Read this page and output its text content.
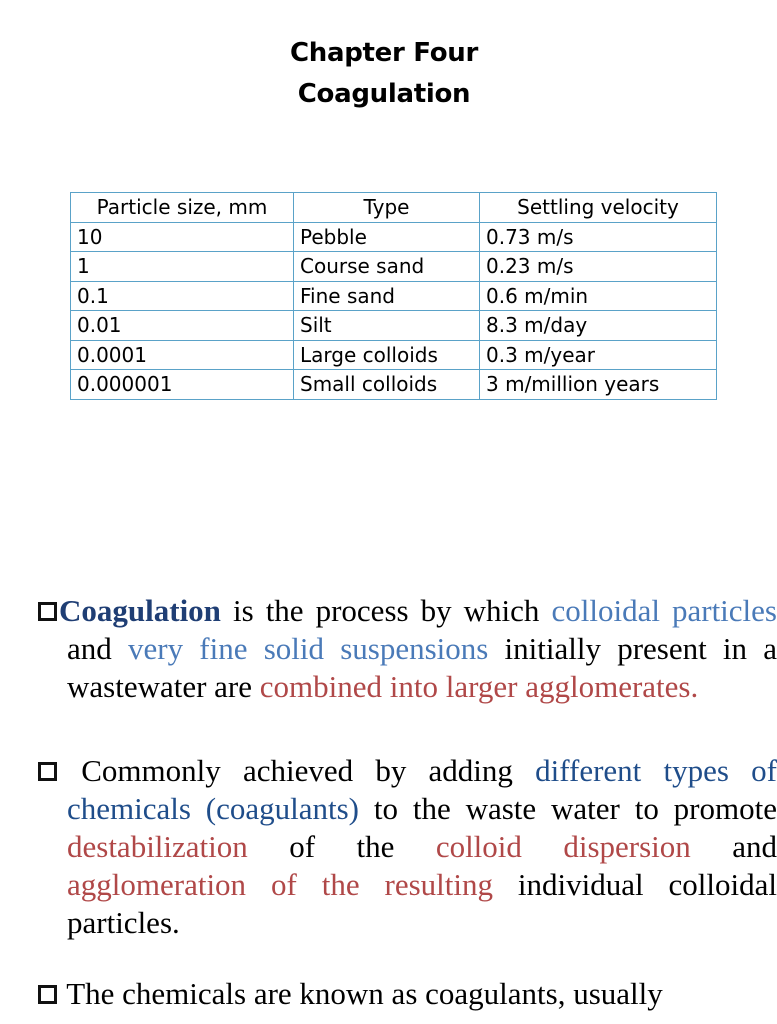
Chapter Four
Coagulation
Particle size, mm	Type	Settling velocity
10	Pebble	0.73 m/s
1	Course sand	0.23 m/s
0.1	Fine sand	0.6 m/min
0.01	Silt	8.3 m/day
0.0001	Large colloids	0.3 m/year
0.000001	Small colloids	3 m/million years
Coagulation is the process by which colloidal particles and very fine solid suspensions initially present in a wastewater are combined into larger agglomerates.
Commonly achieved by adding different types of chemicals (coagulants) to the waste water to promote destabilization of the colloid dispersion and agglomeration of the resulting individual colloidal particles.
The chemicals are known as coagulants, usually
